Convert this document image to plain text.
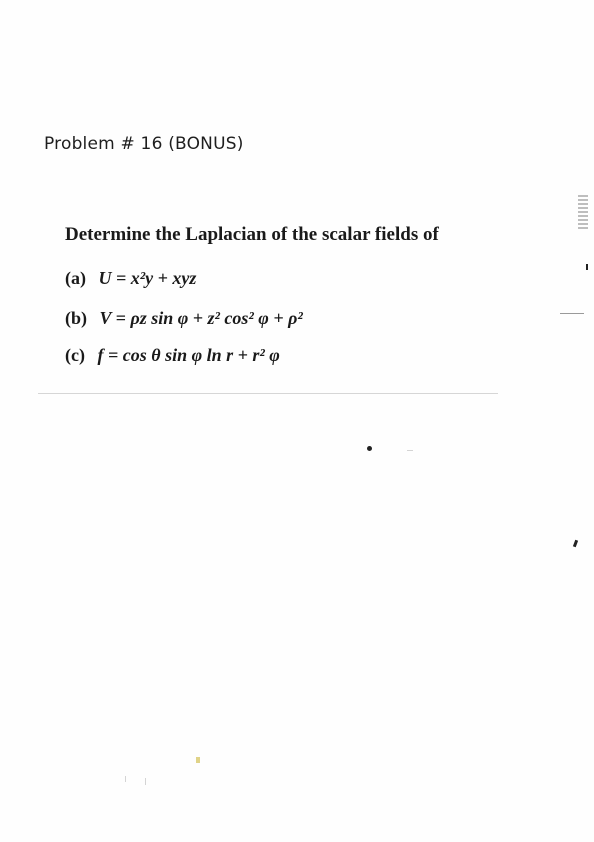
Problem # 16 (BONUS)
Determine the Laplacian of the scalar fields of
(a) U = x²y + xyz
(b) V = ρz sin φ + z² cos² φ + ρ²
(c) f = cos θ sin φ ln r + r² φ
